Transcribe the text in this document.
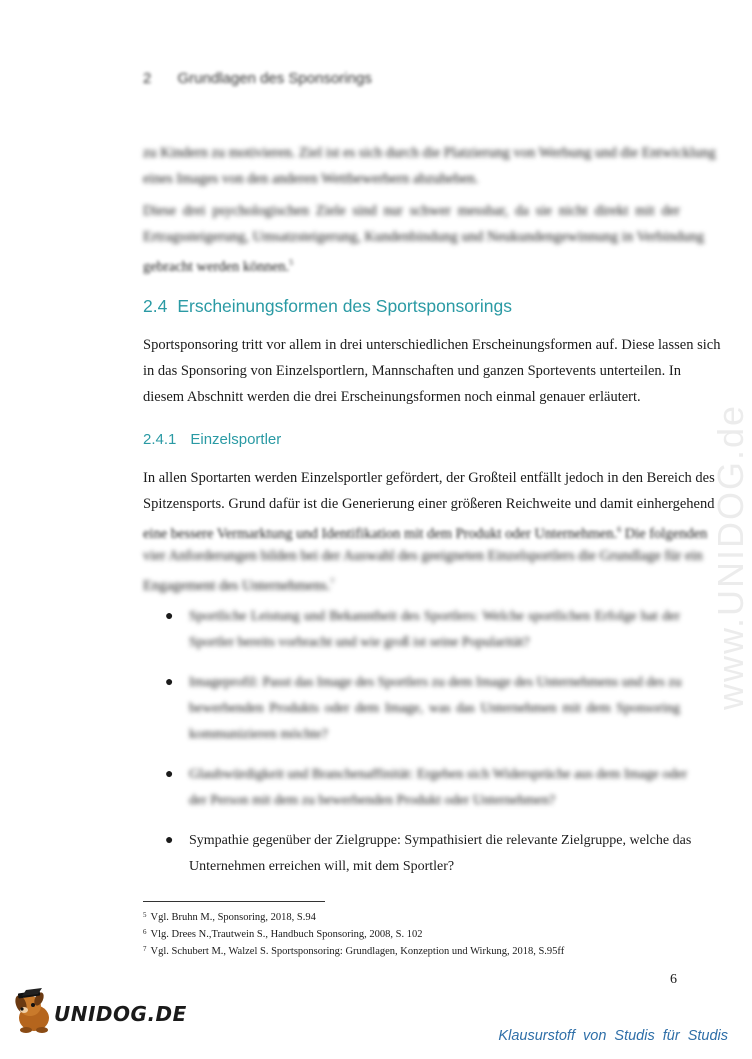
2 Grundlagen des Sponsorings
zu Kindern zu motivieren. Ziel ist es sich durch die Platzierung von Werbung und die Entwicklung
eines Images von den anderen Wettbewerbern abzuheben.
Diese drei psychologischen Ziele sind nur schwer messbar, da sie nicht direkt mit der
Ertragssteigerung, Umsatzsteigerung, Kundenbindung und Neukundengewinnung in Verbindung
gebracht werden können.$^5$
2.4 Erscheinungsformen des Sportsponsorings
Sportsponsoring tritt vor allem in drei unterschiedlichen Erscheinungsformen auf. Diese lassen sich
in das Sponsoring von Einzelsportlern, Mannschaften und ganzen Sportevents unterteilen. In
diesem Abschnitt werden die drei Erscheinungsformen noch einmal genauer erläutert.
2.4.1 Einzelsportler
In allen Sportarten werden Einzelsportler gefördert, der Großteil entfällt jedoch in den Bereich des
Spitzensports. Grund dafür ist die Generierung einer größeren Reichweite und damit einhergehend
eine bessere Vermarktung und Identifikation mit dem Produkt oder Unternehmen.$^6$ Die folgenden
vier Anforderungen bilden bei der Auswahl des geeigneten Einzelsportlers die Grundlage für ein
Engagement des Unternehmens.$^7$
● Sportliche Leistung und Bekanntheit des Sportlers: Welche sportlichen Erfolge hat der
Sportler bereits vorbracht und wie groß ist seine Popularität?
● Imageprofil: Passt das Image des Sportlers zu dem Image des Unternehmens und des zu
bewerbenden Produkts oder dem Image, was das Unternehmen mit dem Sponsoring
kommunizieren möchte?
● Glaubwürdigkeit und Branchenaffinität: Ergeben sich Widersprüche aus dem Image oder
der Person mit dem zu bewerbenden Produkt oder Unternehmen?
● Sympathie gegenüber der Zielgruppe: Sympathisiert die relevante Zielgruppe, welche das
Unternehmen erreichen will, mit dem Sportler?
$^5$ Vgl. Bruhn M., Sponsoring, 2018, S.94
$^6$ Vlg. Drees N.,Trautwein S., Handbuch Sponsoring, 2008, S. 102
$^7$ Vgl. Schubert M., Walzel S. Sportsponsoring: Grundlagen, Konzeption und Wirkung, 2018, S.95ff
6
www.UNIDOG.de
UNIDOG.DE
Klausurstoff von Studis für Studis
